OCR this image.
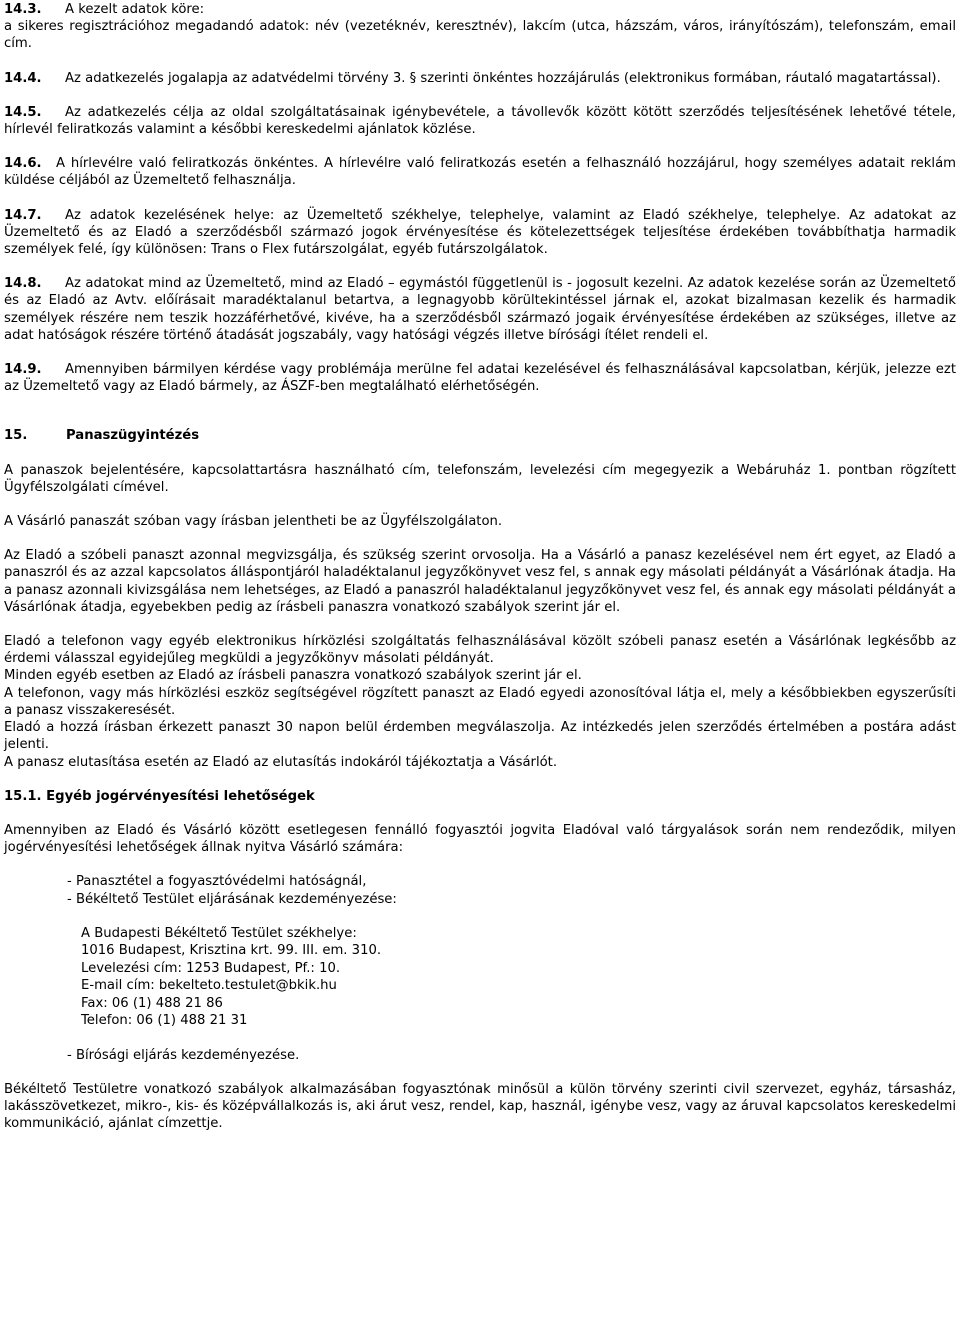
14.3. A kezelt adatok köre:

a sikeres regisztrációhoz megadandó adatok: név (vezetéknév, keresztnév), lakcím (utca, házszám, város, irányítószám), telefonszám, email cím.

14.4. Az adatkezelés jogalapja az adatvédelmi törvény 3. § szerinti önkéntes hozzájárulás (elektronikus formában, ráutaló magatartással).

14.5. Az adatkezelés célja az oldal szolgáltatásainak igénybevétele, a távollevők között kötött szerződés teljesítésének lehetővé tétele, hírlevél feliratkozás valamint a későbbi kereskedelmi ajánlatok közlése.

14.6. A hírlevélre való feliratkozás önkéntes. A hírlevélre való feliratkozás esetén a felhasználó hozzájárul, hogy személyes adatait reklám küldése céljából az Üzemeltető felhasználja.

14.7. Az adatok kezelésének helye: az Üzemeltető székhelye, telephelye, valamint az Eladó székhelye, telephelye. Az adatokat az Üzemeltető és az Eladó a szerződésből származó jogok érvényesítése és kötelezettségek teljesítése érdekében továbbíthatja harmadik személyek felé, így különösen: Trans o Flex futárszolgálat, egyéb futárszolgálatok.

14.8. Az adatokat mind az Üzemeltető, mind az Eladó – egymástól függetlenül is - jogosult kezelni. Az adatok kezelése során az Üzemeltető és az Eladó az Avtv. előírásait maradéktalanul betartva, a legnagyobb körültekintéssel járnak el, azokat bizalmasan kezelik és harmadik személyek részére nem teszik hozzáférhetővé, kivéve, ha a szerződésből származó jogaik érvényesítése érdekében az szükséges, illetve az adat hatóságok részére történő átadását jogszabály, vagy hatósági végzés illetve bírósági ítélet rendeli el.

14.9. Amennyiben bármilyen kérdése vagy problémája merülne fel adatai kezelésével és felhasználásával kapcsolatban, kérjük, jelezze ezt az Üzemeltető vagy az Eladó bármely, az ÁSZF-ben megtalálható elérhetőségén.

15.	Panaszügyintézés

A panaszok bejelentésére, kapcsolattartásra használható cím, telefonszám, levelezési cím megegyezik a Webáruház 1. pontban rögzített Ügyfélszolgálati címével.

A Vásárló panaszát szóban vagy írásban jelentheti be az Ügyfélszolgálaton.

Az Eladó a szóbeli panaszt azonnal megvizsgálja, és szükség szerint orvosolja. Ha a Vásárló a panasz kezelésével nem ért egyet, az Eladó a panaszról és az azzal kapcsolatos álláspontjáról haladéktalanul jegyzőkönyvet vesz fel, s annak egy másolati példányát a Vásárlónak átadja. Ha a panasz azonnali kivizsgálása nem lehetséges, az Eladó a panaszról haladéktalanul jegyzőkönyvet vesz fel, és annak egy másolati példányát a Vásárlónak átadja, egyebekben pedig az írásbeli panaszra vonatkozó szabályok szerint jár el.

Eladó a telefonon vagy egyéb elektronikus hírközlési szolgáltatás felhasználásával közölt szóbeli panasz esetén a Vásárlónak legkésőbb az érdemi válasszal egyidejűleg megküldi a jegyzőkönyv másolati példányát.

Minden egyéb esetben az Eladó az írásbeli panaszra vonatkozó szabályok szerint jár el.

A telefonon, vagy más hírközlési eszköz segítségével rögzített panaszt az Eladó egyedi azonosítóval látja el, mely a későbbiekben egyszerűsíti a panasz visszakeresését.

Eladó a hozzá írásban érkezett panaszt 30 napon belül érdemben megválaszolja. Az intézkedés jelen szerződés értelmében a postára adást jelenti.

A panasz elutasítása esetén az Eladó az elutasítás indokáról tájékoztatja a Vásárlót.

15.1. Egyéb jogérvényesítési lehetőségek

Amennyiben az Eladó és Vásárló között esetlegesen fennálló fogyasztói jogvita Eladóval való tárgyalások során nem rendeződik, milyen jogérvényesítési lehetőségek állnak nyitva Vásárló számára:

- Panasztétel a fogyasztóvédelmi hatóságnál,
- Békéltető Testület eljárásának kezdeményezése:
A Budapesti Békéltető Testület székhelye:
1016 Budapest, Krisztina krt. 99. III. em. 310.
Levelezési cím: 1253 Budapest, Pf.: 10.
E-mail cím: bekelteto.testulet@bkik.hu
Fax: 06 (1) 488 21 86
Telefon: 06 (1) 488 21 31
- Bírósági eljárás kezdeményezése.

Békéltető Testületre vonatkozó szabályok alkalmazásában fogyasztónak minősül a külön törvény szerinti civil szervezet, egyház, társasház, lakásszövetkezet, mikro-, kis- és középvállalkozás is, aki árut vesz, rendel, kap, használ, igénybe vesz, vagy az áruval kapcsolatos kereskedelmi kommunikáció, ajánlat címzettje.
